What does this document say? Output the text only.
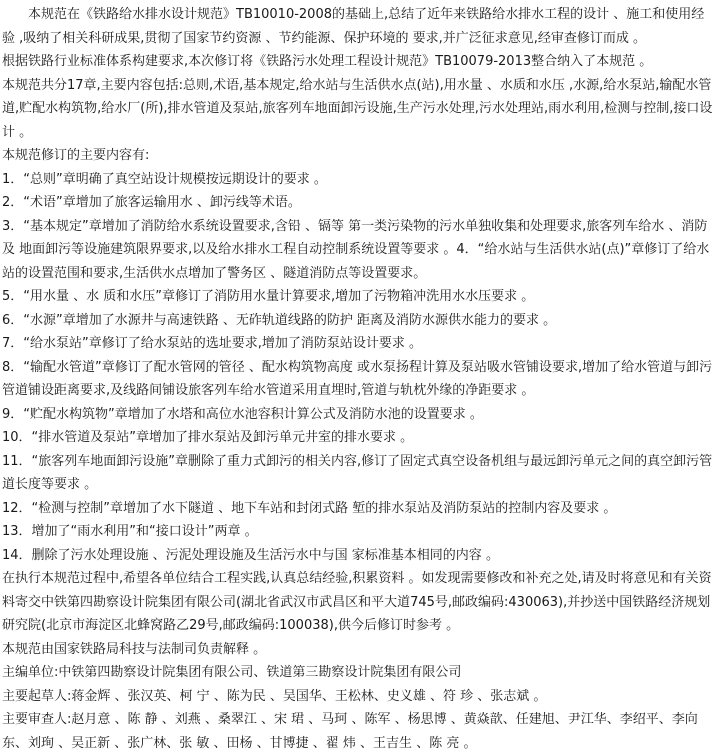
本规范在《铁路给水排水设计规范》TB10010-2008的基础上,总结了近年来铁路给水排水工程的设计 、施工和使用经验 ,吸纳了相关科研成果,贯彻了国家节约资源 、节约能源、保护环境的 要求,并广泛征求意见,经审查修订而成 。

根据铁路行业标准体系构建要求,本次修订将《铁路污水处理工程设计规范》TB10079-2013整合纳入了本规范 。

本规范共分17章,主要内容包括:总则,术语,基本规定,给水站与生活供水点(站),用水量 、水质和水压 ,水源,给水泵站,输配水管道,贮配水构筑物,给水厂(所),排水管道及泵站,旅客列车地面卸污设施,生产污水处理,污水处理站,雨水利用,检测与控制,接口设计 。

本规范修订的主要内容有:

1．“总则”章明确了真空站设计规模按远期设计的要求 。

2．“术语”章增加了旅客运输用水 、卸污线等术语。

3．“基本规定”章增加了消防给水系统设置要求,含铅 、镉等 第一类污染物的污水单独收集和处理要求,旅客列车给水 、消防及 地面卸污等设施建筑限界要求,以及给水排水工程自动控制系统设置等要求 。4．“给水站与生活供水站(点)”章修订了给水站的设置范围和要求,生活供水点增加了警务区 、隧道消防点等设置要求。

5．“用水量 、水 质和水压”章修订了消防用水量计算要求,增加了污物箱冲洗用水水压要求 。

6．“水源”章增加了水源井与高速铁路 、无砟轨道线路的防护 距离及消防水源供水能力的要求 。

7．“给水泵站”章修订了给水泵站的选址要求,增加了消防泵站设计要求 。

8．“输配水管道”章修订了配水管网的管径 、配水构筑物高度 或水泵扬程计算及泵站吸水管铺设要求,增加了给水管道与卸污管道铺设距离要求,及线路间铺设旅客列车给水管道采用直埋时,管道与轨枕外缘的净距要求 。

9．“贮配水构筑物”章增加了水塔和高位水池容积计算公式及消防水池的设置要求 。

10．“排水管道及泵站”章增加了排水泵站及卸污单元井室的排水要求 。

11．“旅客列车地面卸污设施”章删除了重力式卸污的相关内容,修订了固定式真空设备机组与最远卸污单元之间的真空卸污管道长度等要求 。

12．“检测与控制”章增加了水下隧道 、地下车站和封闭式路 堑的排水泵站及消防泵站的控制内容及要求 。

13．增加了“雨水利用”和“接口设计”两章 。

14．删除了污水处理设施 、污泥处理设施及生活污水中与国 家标准基本相同的内容 。

在执行本规范过程中,希望各单位结合工程实践,认真总结经验,积累资料 。如发现需要修改和补充之处,请及时将意见和有关资料寄交中铁第四勘察设计院集团有限公司(湖北省武汉市武昌区和平大道745号,邮政编码:430063),并抄送中国铁路经济规划研究院(北京市海淀区北蜂窝路乙29号,邮政编码:100038),供今后修订时参考 。

本规范由国家铁路局科技与法制司负责解释 。

主编单位:中铁第四勘察设计院集团有限公司、铁道第三勘察设计院集团有限公司

主要起草人:蒋金辉 、张汉英、柯 宁 、陈为民 、吴国华、王松林、史义雄 、符 珍 、张志斌 。

主要审查人:赵月意 、陈 静 、刘燕 、桑翠江 、宋 珺 、马珂 、陈军 、杨思博 、黄焱歆、任建旭、尹江华、李绍平、李向东、刘珣 、吴正新 、张广林、张 敏 、田杨 、甘博捷 、翟 炜 、王吉生 、陈 亮 。
